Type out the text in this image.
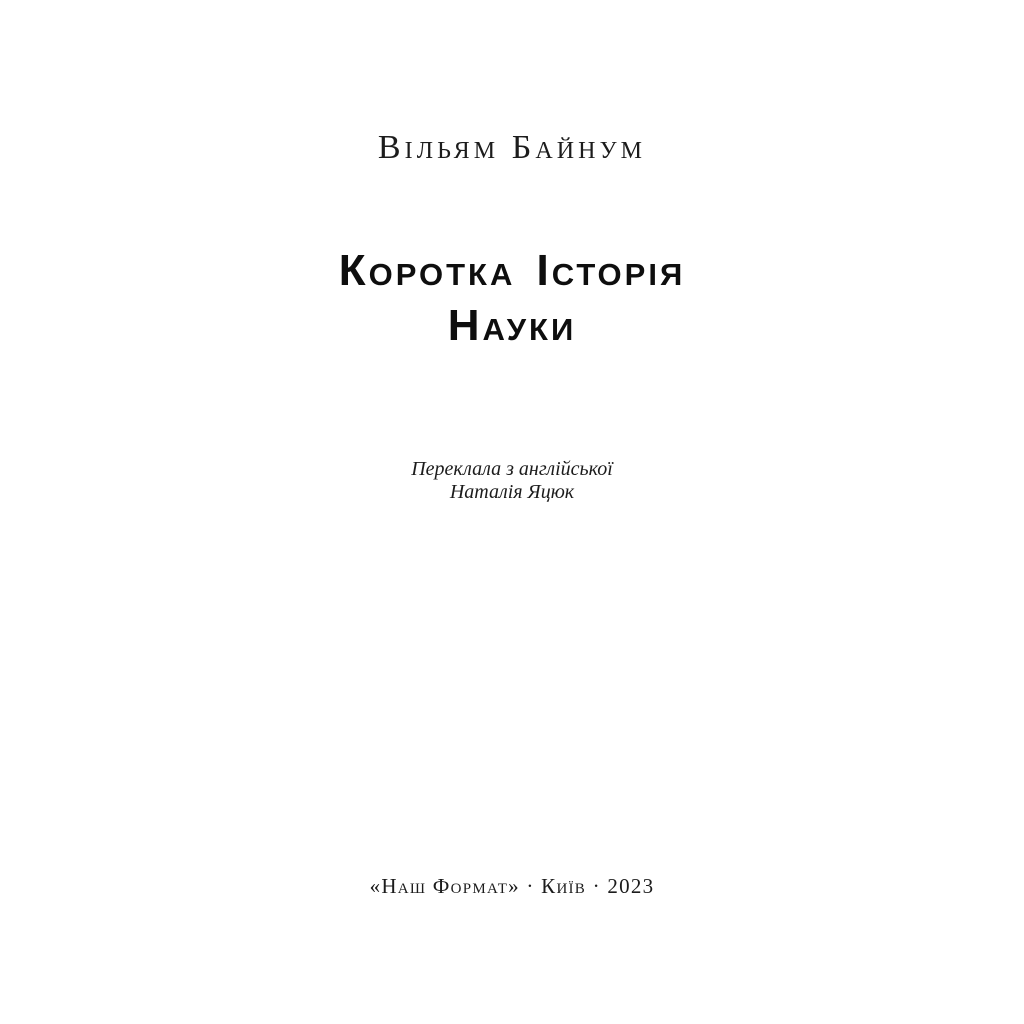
Вільям Байнум
Коротка Історія
Науки
Переклала з англійської
Наталія Яцюк
«Наш Формат» · Київ · 2023
